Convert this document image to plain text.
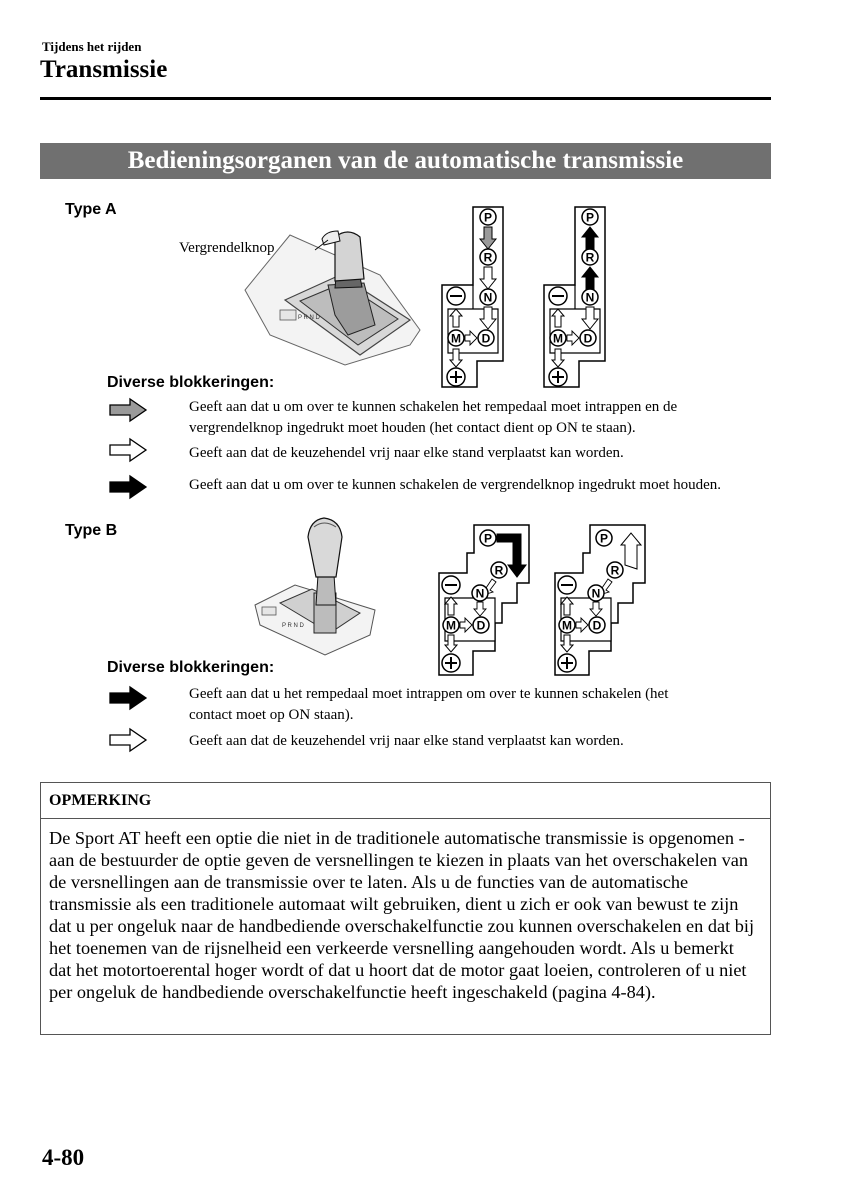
Tijdens het rijden
Transmissie
Bedieningsorganen van de automatische transmissie
Type A
Vergrendelknop
P R N D
P
R
N
D
M
P
R
N
D
M
Diverse blokkeringen:
Geeft aan dat u om over te kunnen schakelen het rempedaal moet intrappen en de vergrendelknop ingedrukt moet houden (het contact dient op ON te staan).
Geeft aan dat de keuzehendel vrij naar elke stand verplaatst kan worden.
Geeft aan dat u om over te kunnen schakelen de vergrendelknop ingedrukt moet houden.
Type B
P R N D
P
R
N
D
M
P
R
N
D
M
Diverse blokkeringen:
Geeft aan dat u het rempedaal moet intrappen om over te kunnen schakelen (het contact moet op ON staan).
Geeft aan dat de keuzehendel vrij naar elke stand verplaatst kan worden.
OPMERKING
De Sport AT heeft een optie die niet in de traditionele automatische transmissie is opgenomen - aan de bestuurder de optie geven de versnellingen te kiezen in plaats van het overschakelen van de versnellingen aan de transmissie over te laten. Als u de functies van de automatische transmissie als een traditionele automaat wilt gebruiken, dient u zich er ook van bewust te zijn dat u per ongeluk naar de handbediende overschakelfunctie zou kunnen overschakelen en dat bij het toenemen van de rijsnelheid een verkeerde versnelling aangehouden wordt. Als u bemerkt dat het motortoerental hoger wordt of dat u hoort dat de motor gaat loeien, controleren of u niet per ongeluk de handbediende overschakelfunctie heeft ingeschakeld (pagina 4-84).
4-80
